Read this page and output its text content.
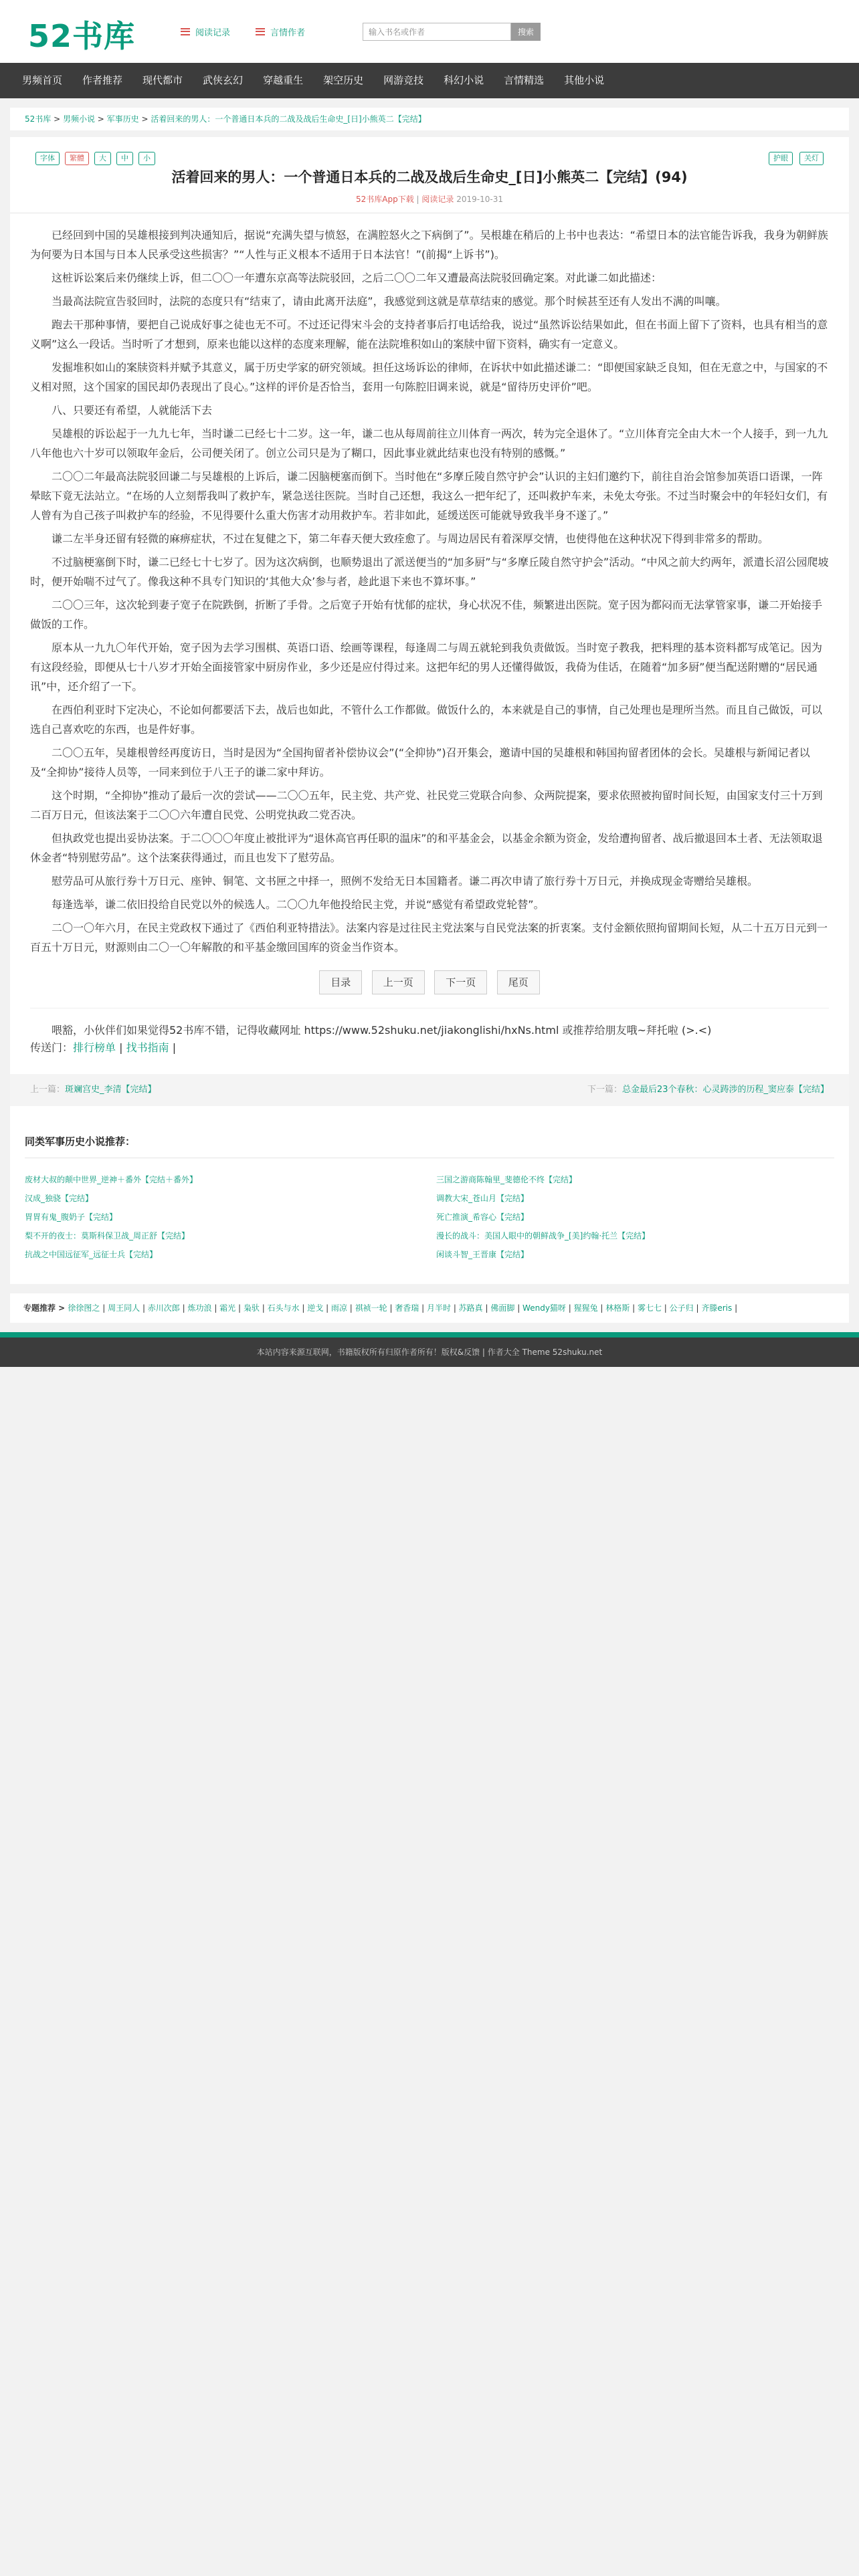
52书库	阅读记录	言情作者
输入书名或作者	搜索
男频首页	作者推荐	现代都市	武侠玄幻	穿越重生	架空历史	网游竞技	科幻小说	言情精选	其他小说
52书库 > 男频小说 > 军事历史 > 活着回来的男人：一个普通日本兵的二战及战后生命史_[日]小熊英二【完结】
字体	繁體	大	中	小	护眼	关灯
活着回来的男人：一个普通日本兵的二战及战后生命史_[日]小熊英二【完结】(94)
52书库App下载 | 阅读记录 2019-10-31

已经回到中国的吴雄根接到判决通知后，据说“充满失望与愤怒，在满腔怒火之下病倒了”。吴根雄在稍后的上书中也表达：“希望日本的法官能告诉我，我身为朝鲜族为何要为日本国与日本人民承受这些损害？”“人性与正义根本不适用于日本法官！”(前揭“上诉书”)。

这桩诉讼案后来仍继续上诉，但二〇〇一年遭东京高等法院驳回，之后二〇〇二年又遭最高法院驳回确定案。对此谦二如此描述：

当最高法院宣告驳回时，法院的态度只有“结束了，请由此离开法庭”，我感觉到这就是草草结束的感觉。那个时候甚至还有人发出不满的叫嚷。

跑去干那种事情，要把自己说成好事之徒也无不可。不过还记得宋斗会的支持者事后打电话给我，说过“虽然诉讼结果如此，但在书面上留下了资料，也具有相当的意义啊”这么一段话。当时听了才想到，原来也能以这样的态度来理解，能在法院堆积如山的案牍中留下资料，确实有一定意义。

发掘堆积如山的案牍资料并赋予其意义，属于历史学家的研究领域。担任这场诉讼的律师，在诉状中如此描述谦二：“即便国家缺乏良知，但在无意之中，与国家的不义相对照，这个国家的国民却仍表现出了良心。”这样的评价是否恰当，套用一句陈腔旧调来说，就是“留待历史评价”吧。

八、只要还有希望，人就能活下去

吴雄根的诉讼起于一九九七年，当时谦二已经七十二岁。这一年，谦二也从每周前往立川体育一两次，转为完全退休了。“立川体育完全由大木一个人接手，到一九九八年他也六十岁可以领取年金后，公司便关闭了。创立公司只是为了糊口，因此事业就此结束也没有特别的感慨。”

二〇〇二年最高法院驳回谦二与吴雄根的上诉后，谦二因脑梗塞而倒下。当时他在“多摩丘陵自然守护会”认识的主妇们邀约下，前往自治会馆参加英语口语课，一阵晕眩下竟无法站立。“在场的人立刻帮我叫了救护车，紧急送往医院。当时自己还想，我这么一把年纪了，还叫救护车来，未免太夸张。不过当时聚会中的年轻妇女们，有人曾有为自己孩子叫救护车的经验，不见得要什么重大伤害才动用救护车。若非如此，延缓送医可能就导致我半身不遂了。”

谦二左半身还留有轻微的麻痹症状，不过在复健之下，第二年春天便大致痊愈了。与周边居民有着深厚交情，也使得他在这种状况下得到非常多的帮助。

不过脑梗塞倒下时，谦二已经七十七岁了。因为这次病倒，也顺势退出了派送便当的“加多厨”与“多摩丘陵自然守护会”活动。“中风之前大约两年，派遣长沼公园爬坡时，便开始喘不过气了。像我这种不具专门知识的‘其他大众’参与者，趁此退下来也不算坏事。”

二〇〇三年，这次轮到妻子宽子在院跌倒，折断了手骨。之后宽子开始有忧郁的症状，身心状况不佳，频繁进出医院。宽子因为都闷而无法掌管家事，谦二开始接手做饭的工作。

原本从一九九〇年代开始，宽子因为去学习围棋、英语口语、绘画等课程，每逢周二与周五就轮到我负责做饭。当时宽子教我，把料理的基本资料都写成笔记。因为有这段经验，即便从七十八岁才开始全面接管家中厨房作业，多少还是应付得过来。这把年纪的男人还懂得做饭，我倚为佳话，在随着“加多厨”便当配送附赠的“居民通讯”中，还介绍了一下。

在西伯利亚时下定决心，不论如何都要活下去，战后也如此，不管什么工作都做。做饭什么的，本来就是自己的事情，自己处理也是理所当然。而且自己做饭，可以选自己喜欢吃的东西，也是件好事。

二〇〇五年，吴雄根曾经再度访日，当时是因为“全国拘留者补偿协议会”(“全抑协”)召开集会，邀请中国的吴雄根和韩国拘留者团体的会长。吴雄根与新闻记者以及“全抑协”接待人员等，一同来到位于八王子的谦二家中拜访。

这个时期，“全抑协”推动了最后一次的尝试——二〇〇五年，民主党、共产党、社民党三党联合向参、众两院提案，要求依照被拘留时间长短，由国家支付三十万到二百万日元，但该法案于二〇〇六年遭自民党、公明党执政二党否决。

但执政党也提出妥协法案。于二〇〇〇年度止被批评为“退休高官再任职的温床”的和平基金会，以基金余额为资金，发给遭拘留者、战后撤退回本土者、无法领取退休金者“特别慰劳品”。这个法案获得通过，而且也发下了慰劳品。

慰劳品可从旅行券十万日元、座钟、铜笔、文书匣之中择一，照例不发给无日本国籍者。谦二再次申请了旅行券十万日元，并换成现金寄赠给吴雄根。

每逢选举，谦二依旧投给自民党以外的候选人。二〇〇九年他投给民主党，并说“感觉有希望政党轮替”。

二〇一〇年六月，在民主党政权下通过了《西伯利亚特措法》。法案内容是过往民主党法案与自民党法案的折衷案。支付金额依照拘留期间长短，从二十五万日元到一百五十万日元，财源则由二〇一〇年解散的和平基金缴回国库的资金当作资本。

目录	上一页	下一页	尾页

喂豁，小伙伴们如果觉得52书库不错，记得收藏网址 https://www.52shuku.net/jiakonglishi/hxNs.html 或推荐给朋友哦~拜托啦 (>.<)

传送门：排行榜单 | 找书指南 |

上一篇：斑斓宫史_李清【完结】	下一篇：总金最后23个春秋：心灵踌涉的历程_窦应泰【完结】
同类军事历史小说推荐：
废材大叔的颠中世界_逆神＋番外【完结＋番外】	三国之游商陈翰里_斐德伦不终【完结】
汉成_独骁【完结】	调教大宋_苍山月【完结】
胃胃有鬼_腹奶子【完结】	死亡推演_希容心【完结】
梨不开的夜士：莫斯科保卫战_周正舒【完结】	漫长的战斗：美国人眼中的朝鲜战争_[美]约翰·托兰【完结】
抗战之中国远征军_远征士兵【完结】	闲谈斗智_王晋康【完结】
专题推荐 > 徐徐图之 | 周王同人 | 赤川次郎 | 炼功浪 | 霜光 | 枭驮 | 石头与水 | 逆戈 | 雨凉 | 祺祯一轮 | 奢香瑞 | 月半时 | 苏路真 | 佛面脚 | Wendy猫呀 | 猩猩兔 | 林格斯 | 雾七七 | 公子归 | 齐滕eris |
本站内容来源互联网，书籍版权所有归原作者所有！版权&反馈 | 作者大全 Theme 52shuku.net
